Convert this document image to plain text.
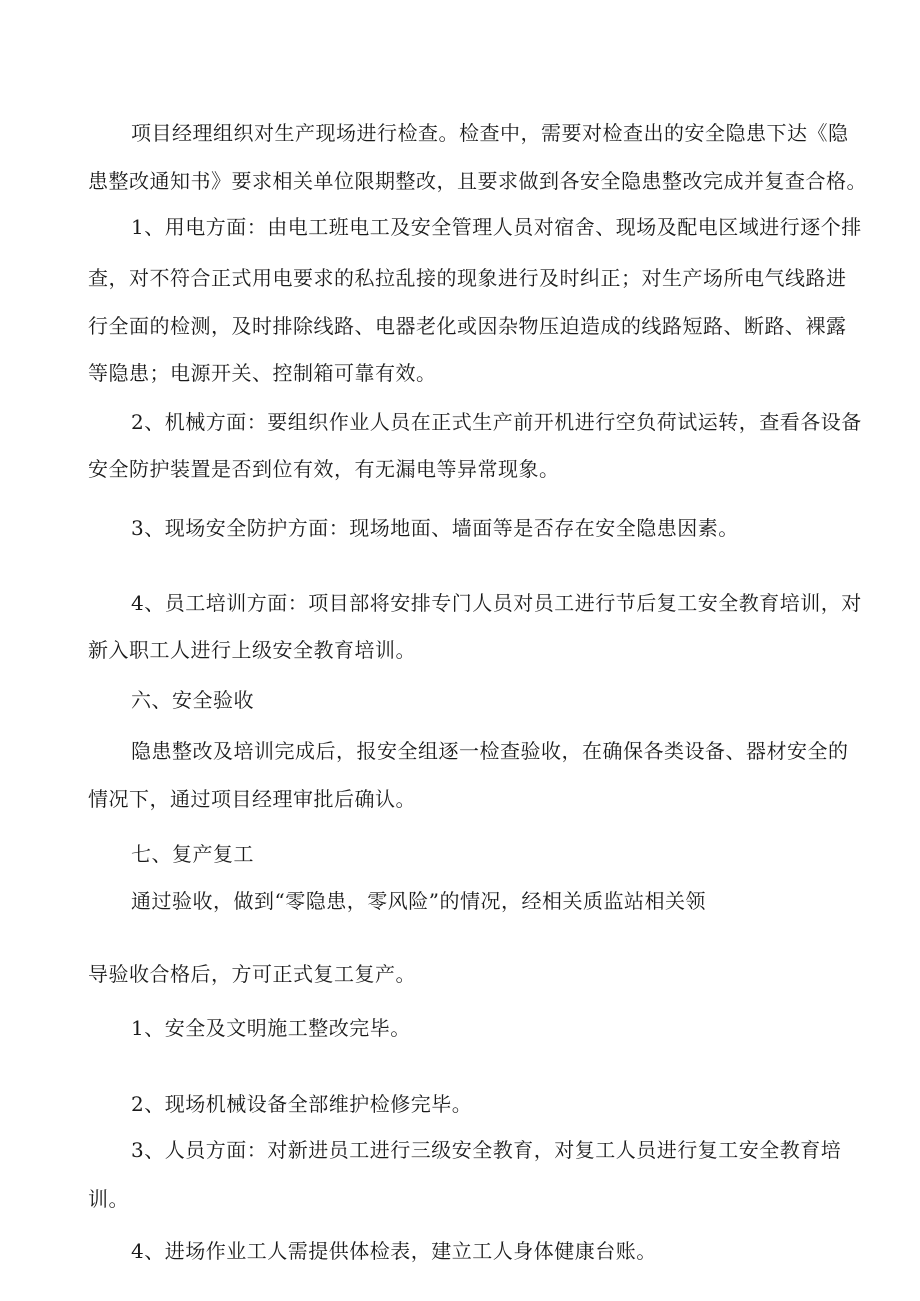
项目经理组织对生产现场进行检查。检查中，需要对检查出的安全隐患下达《隐
患整改通知书》要求相关单位限期整改，且要求做到各安全隐患整改完成并复查合格。
1、用电方面：由电工班电工及安全管理人员对宿舍、现场及配电区域进行逐个排
查，对不符合正式用电要求的私拉乱接的现象进行及时纠正；对生产场所电气线路进
行全面的检测，及时排除线路、电器老化或因杂物压迫造成的线路短路、断路、裸露
等隐患；电源开关、控制箱可靠有效。
2、机械方面：要组织作业人员在正式生产前开机进行空负荷试运转，查看各设备
安全防护装置是否到位有效，有无漏电等异常现象。
3、现场安全防护方面：现场地面、墙面等是否存在安全隐患因素。
4、员工培训方面：项目部将安排专门人员对员工进行节后复工安全教育培训，对
新入职工人进行上级安全教育培训。
六、安全验收
隐患整改及培训完成后，报安全组逐一检查验收，在确保各类设备、器材安全的
情况下，通过项目经理审批后确认。
七、复产复工
通过验收，做到“零隐患，零风险”的情况，经相关质监站相关领
导验收合格后，方可正式复工复产。
1、安全及文明施工整改完毕。
2、现场机械设备全部维护检修完毕。
3、人员方面：对新进员工进行三级安全教育，对复工人员进行复工安全教育培
训。
4、进场作业工人需提供体检表，建立工人身体健康台账。
